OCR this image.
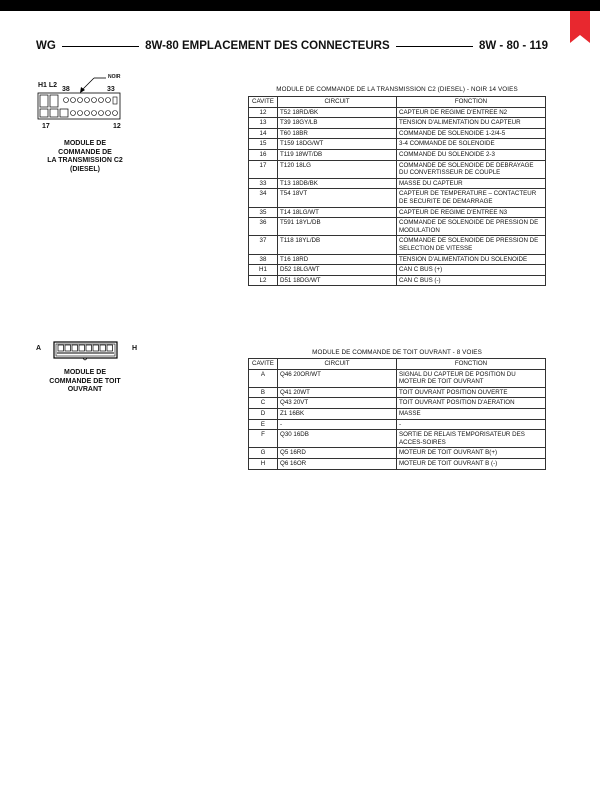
WG	8W-80 EMPLACEMENT DES CONNECTEURS	8W - 80 - 119
H1 L2
38	33
NOIR
17	12
MODULE DE
COMMANDE DE
LA TRANSMISSION C2
(DIESEL)
A	H
MODULE DE
COMMANDE DE TOIT
OUVRANT
MODULE DE COMMANDE DE LA TRANSMISSION C2 (DIESEL) - NOIR 14 VOIES
CAVITE	CIRCUIT	FONCTION
12	T52 18RD/BK	CAPTEUR DE REGIME D'ENTREE N2
13	T39 18GY/LB	TENSION D'ALIMENTATION DU CAPTEUR
14	T60 18BR	COMMANDE DE SOLENOIDE 1-2/4-5
15	T159 18DG/WT	3-4 COMMANDE DE SOLENOIDE
16	T119 18WT/DB	COMMANDE DU SOLENOIDE 2-3
17	T120 18LG	COMMANDE DE SOLENOIDE DE DEBRAYAGE DU CONVERTISSEUR DE COUPLE
33	T13 18DB/BK	MASSE DU CAPTEUR
34	T54 18VT	CAPTEUR DE TEMPERATURE – CONTACTEUR DE SECURITE DE DEMARRAGE
35	T14 18LG/WT	CAPTEUR DE REGIME D'ENTREE N3
36	T591 18YL/DB	COMMANDE DE SOLENOIDE DE PRESSION DE MODULATION
37	T118 18YL/DB	COMMANDE DE SOLENOIDE DE PRESSION DE SELECTION DE VITESSE
38	T16 18RD	TENSION D'ALIMENTATION DU SOLENOIDE
H1	D52 18LG/WT	CAN C BUS (+)
L2	D51 18DG/WT	CAN C BUS (-)
MODULE DE COMMANDE DE TOIT OUVRANT - 8 VOIES
CAVITE	CIRCUIT	FONCTION
A	Q46 20OR/WT	SIGNAL DU CAPTEUR DE POSITION DU MOTEUR DE TOIT OUVRANT
B	Q41 20WT	TOIT OUVRANT POSITION OUVERTE
C	Q43 20VT	TOIT OUVRANT POSITION D'AERATION
D	Z1 16BK	MASSE
E	-	-
F	Q30 16DB	SORTIE DE RELAIS TEMPORISATEUR DES ACCES-SOIRES
G	Q5 16RD	MOTEUR DE TOIT OUVRANT B(+)
H	Q6 16OR	MOTEUR DE TOIT OUVRANT B (-)
